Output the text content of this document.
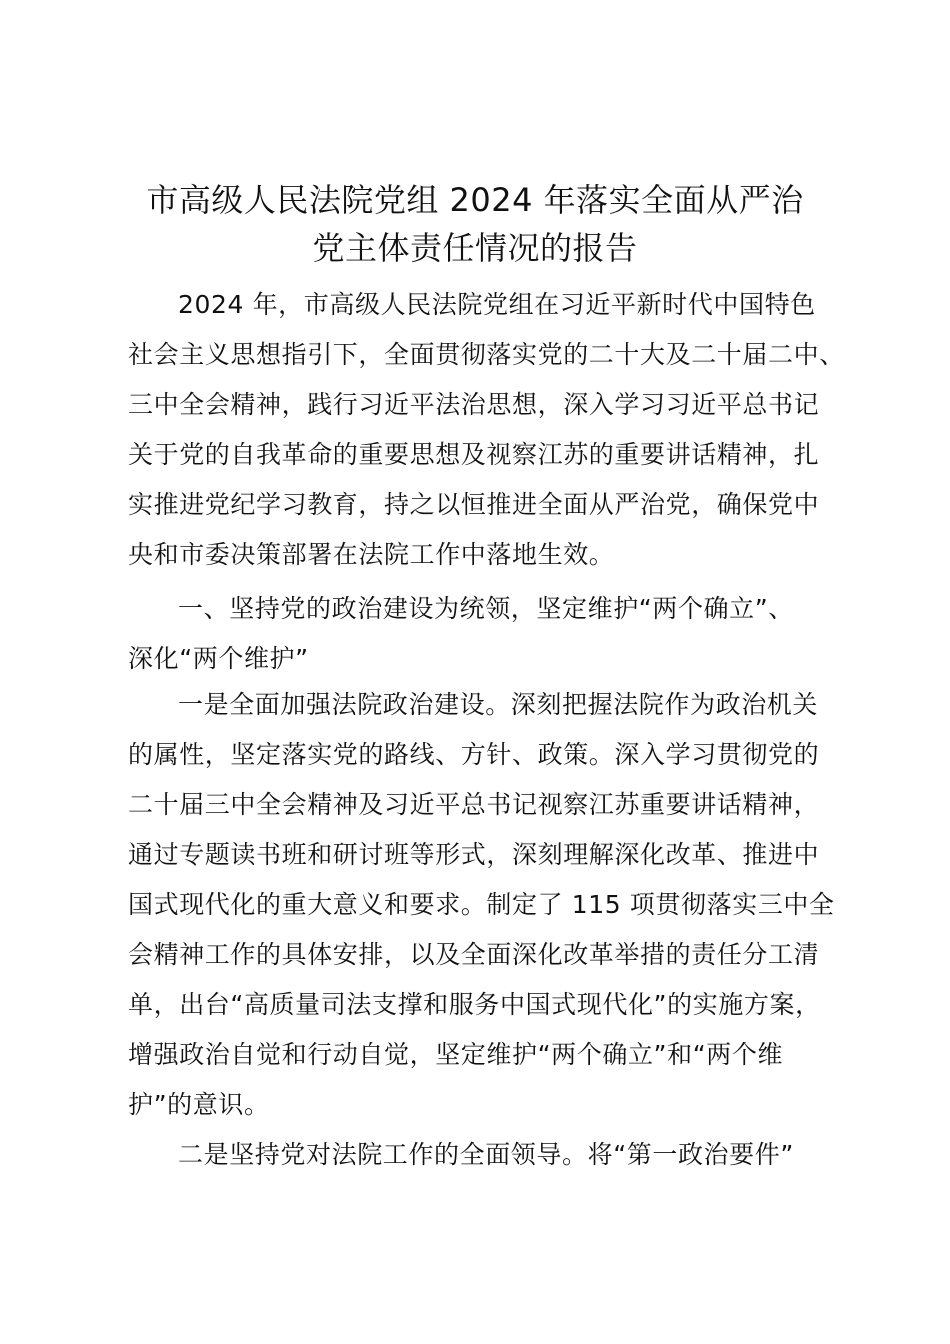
市高级人民法院党组 2024 年落实全面从严治
党主体责任情况的报告
2024 年，市高级人民法院党组在习近平新时代中国特色
社会主义思想指引下，全面贯彻落实党的二十大及二十届二中、
三中全会精神，践行习近平法治思想，深入学习习近平总书记
关于党的自我革命的重要思想及视察江苏的重要讲话精神，扎
实推进党纪学习教育，持之以恒推进全面从严治党，确保党中
央和市委决策部署在法院工作中落地生效。
一、坚持党的政治建设为统领，坚定维护“两个确立”、
深化“两个维护”
一是全面加强法院政治建设。深刻把握法院作为政治机关
的属性，坚定落实党的路线、方针、政策。深入学习贯彻党的
二十届三中全会精神及习近平总书记视察江苏重要讲话精神，
通过专题读书班和研讨班等形式，深刻理解深化改革、推进中
国式现代化的重大意义和要求。制定了 115 项贯彻落实三中全
会精神工作的具体安排，以及全面深化改革举措的责任分工清
单，出台“高质量司法支撑和服务中国式现代化”的实施方案，
增强政治自觉和行动自觉，坚定维护“两个确立”和“两个维
护”的意识。
二是坚持党对法院工作的全面领导。将“第一政治要件”
